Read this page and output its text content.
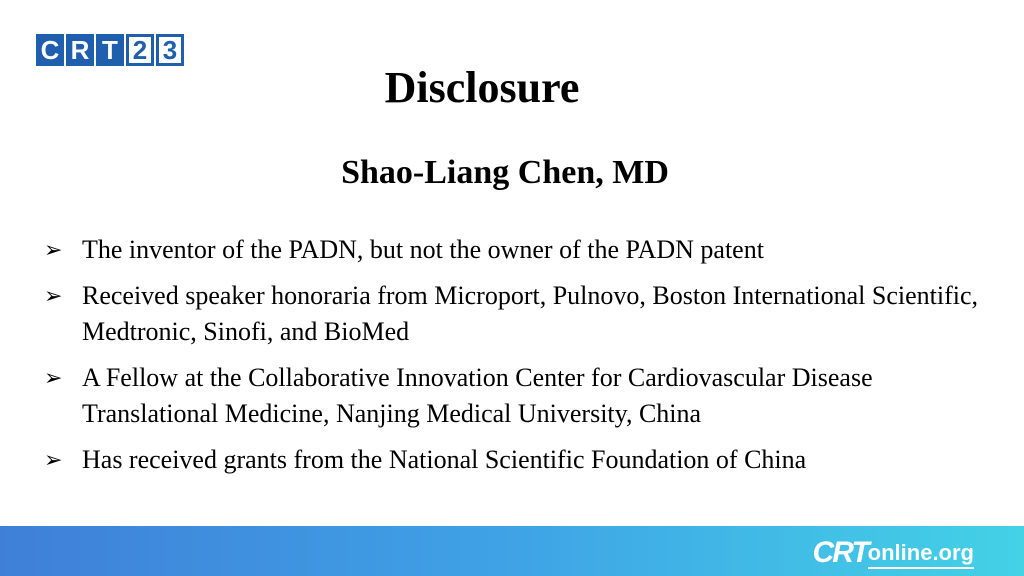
C R T 2 3
Disclosure
Shao-Liang Chen, MD
➢ The inventor of the PADN, but not the owner of the PADN patent
➢ Received speaker honoraria from Microport, Pulnovo, Boston International Scientific, Medtronic, Sinofi, and BioMed
➢ A Fellow at the Collaborative Innovation Center for Cardiovascular Disease Translational Medicine, Nanjing Medical University, China
➢ Has received grants from the National Scientific Foundation of China
CRT online.org
